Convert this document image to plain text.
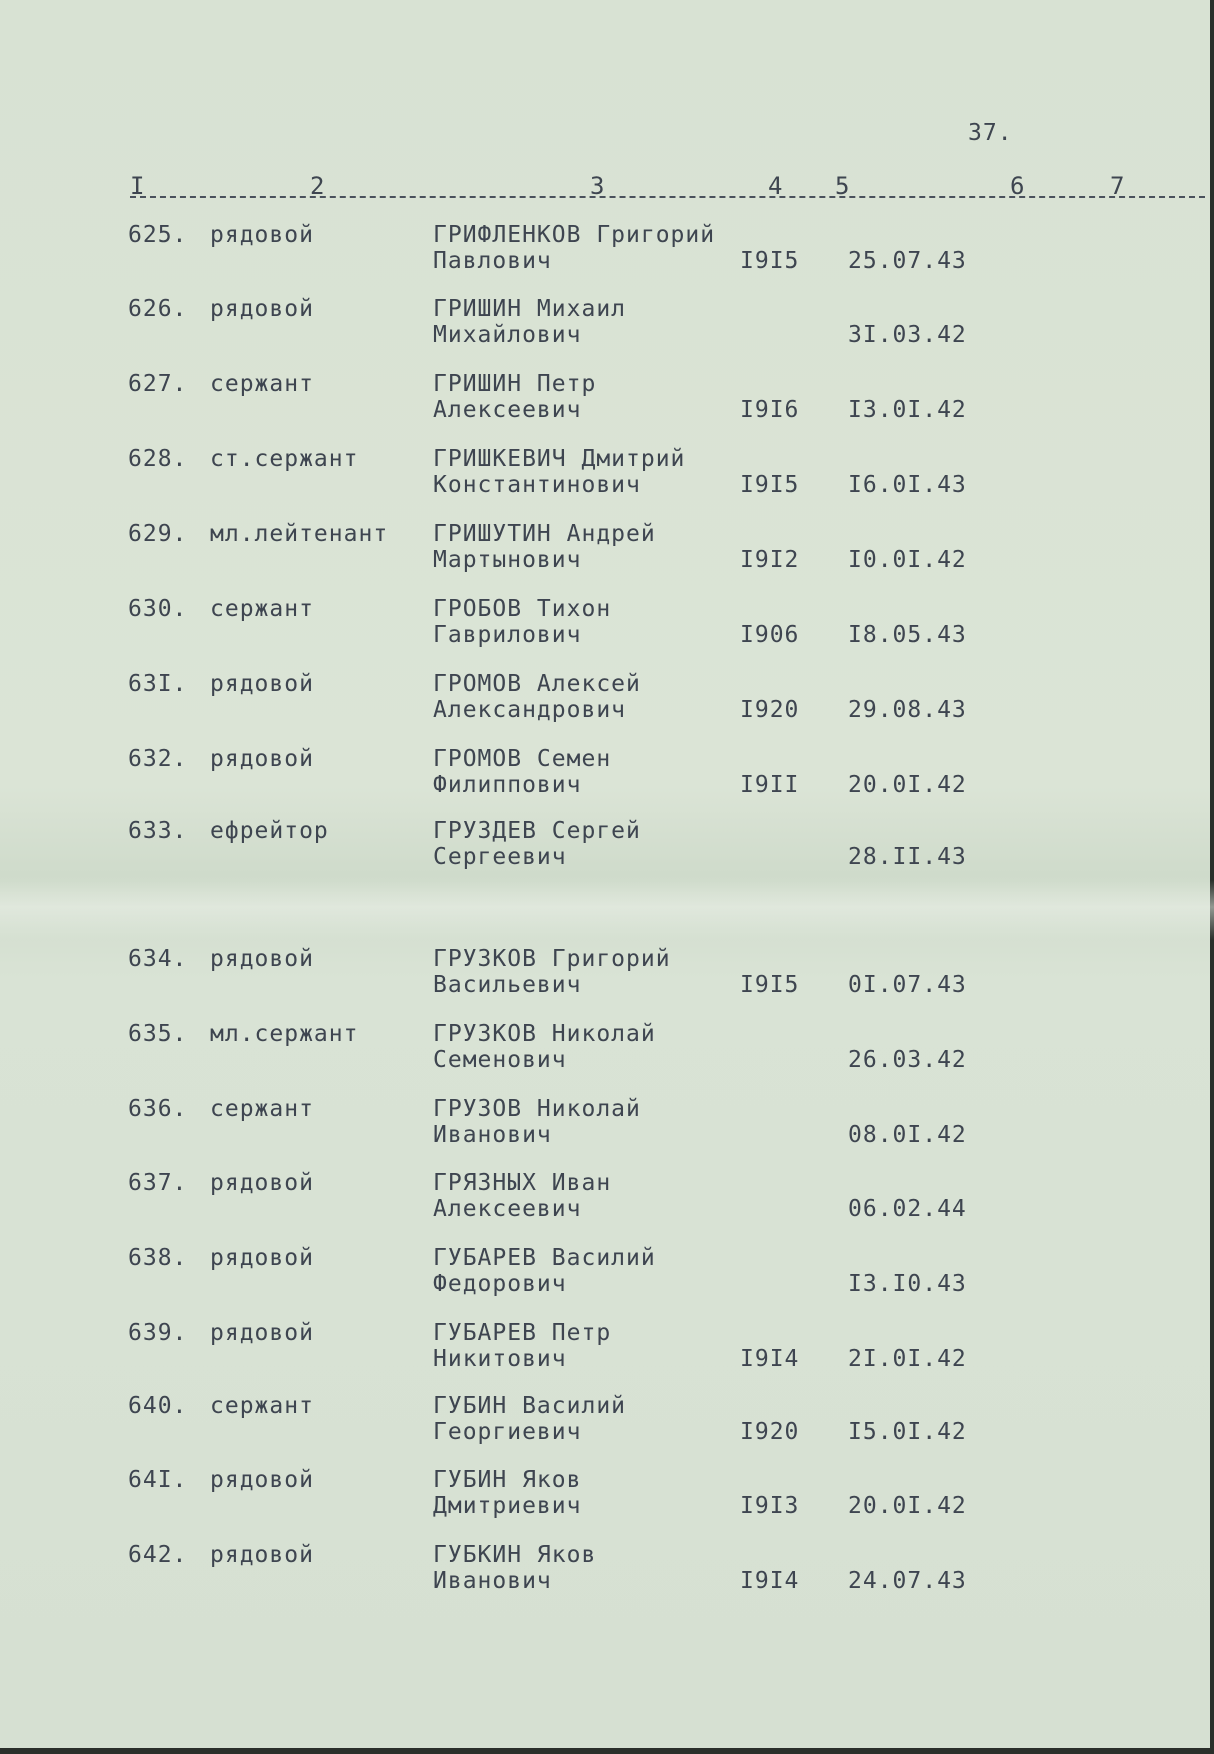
37.
I	2	3	4 5	6	7
625. рядовой	ГРИФЛЕНКОВ Григорий
Павлович	I9I5 25.07.43
626. рядовой	ГРИШИН Михаил
Михайлович	3I.03.42
627. сержант	ГРИШИН Петр
Алексеевич	I9I6 I3.0I.42
628. ст.сержант	ГРИШКЕВИЧ Дмитрий
Константинович	I9I5 I6.0I.43
629. мл.лейтенант ГРИШУТИН Андрей
Мартынович	I9I2 I0.0I.42
630. сержант	ГРОБОВ Тихон
Гаврилович	I906 I8.05.43
63I. рядовой	ГРОМОВ Алексей
Александрович	I920 29.08.43
632. рядовой	ГРОМОВ Семен
Филиппович	I9II 20.0I.42
633. ефрейтор	ГРУЗДЕВ Сергей
Сергеевич	28.II.43
634. рядовой	ГРУЗКОВ Григорий
Васильевич	I9I5 0I.07.43
635. мл.сержант	ГРУЗКОВ Николай
Семенович	26.03.42
636. сержант	ГРУЗОВ Николай
Иванович	08.0I.42
637. рядовой	ГРЯЗНЫХ Иван
Алексеевич	06.02.44
638. рядовой	ГУБАРЕВ Василий
Федорович	I3.I0.43
639. рядовой	ГУБАРЕВ Петр
Никитович	I9I4 2I.0I.42
640. сержант	ГУБИН Василий
Георгиевич	I920 I5.0I.42
64I. рядовой	ГУБИН Яков
Дмитриевич	I9I3 20.0I.42
642. рядовой	ГУБКИН Яков
Иванович	I9I4 24.07.43
